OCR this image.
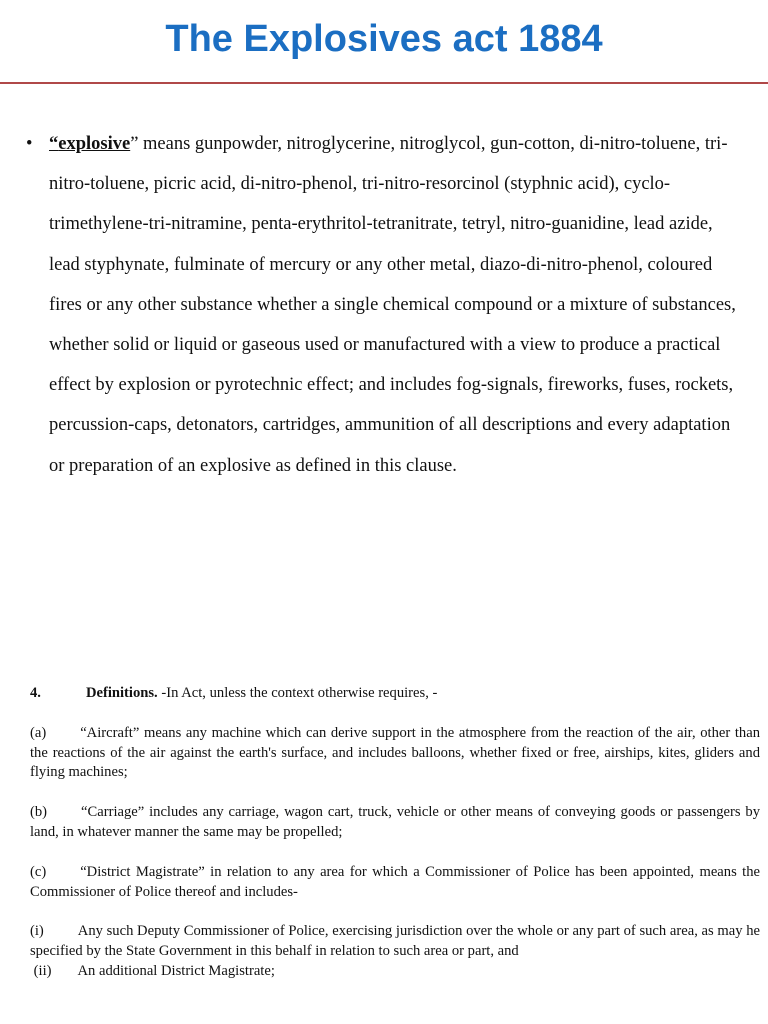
The Explosives act 1884
• “explosive” means gunpowder, nitroglycerine, nitroglycol, gun-cotton, di-nitro-toluene, tri-nitro-toluene, picric acid, di-nitro-phenol, tri-nitro-resorcinol (styphnic acid), cyclo-trimethylene-tri-nitramine, penta-erythritol-tetranitrate, tetryl, nitro-guanidine, lead azide, lead styphynate, fulminate of mercury or any other metal, diazo-di-nitro-phenol, coloured fires or any other substance whether a single chemical compound or a mixture of substances, whether solid or liquid or gaseous used or manufactured with a view to produce a practical effect by explosion or pyrotechnic effect; and includes fog-signals, fireworks, fuses, rockets, percussion-caps, detonators, cartridges, ammunition of all descriptions and every adaptation or preparation of an explosive as defined in this clause.

4.	Definitions. -In Act, unless the context otherwise requires, -

(a) “Aircraft” means any machine which can derive support in the atmosphere from the reaction of the air, other than the reactions of the air against the earth's surface, and includes balloons, whether fixed or free, airships, kites, gliders and flying machines;

(b) “Carriage” includes any carriage, wagon cart, truck, vehicle or other means of conveying goods or passengers by land, in whatever manner the same may be propelled;

(c) “District Magistrate” in relation to any area for which a Commissioner of Police has been appointed, means the Commissioner of Police thereof and includes-

(i) Any such Deputy Commissioner of Police, exercising jurisdiction over the whole or any part of such area, as may he specified by the State Government in this behalf in relation to such area or part, and

(ii) An additional District Magistrate;
